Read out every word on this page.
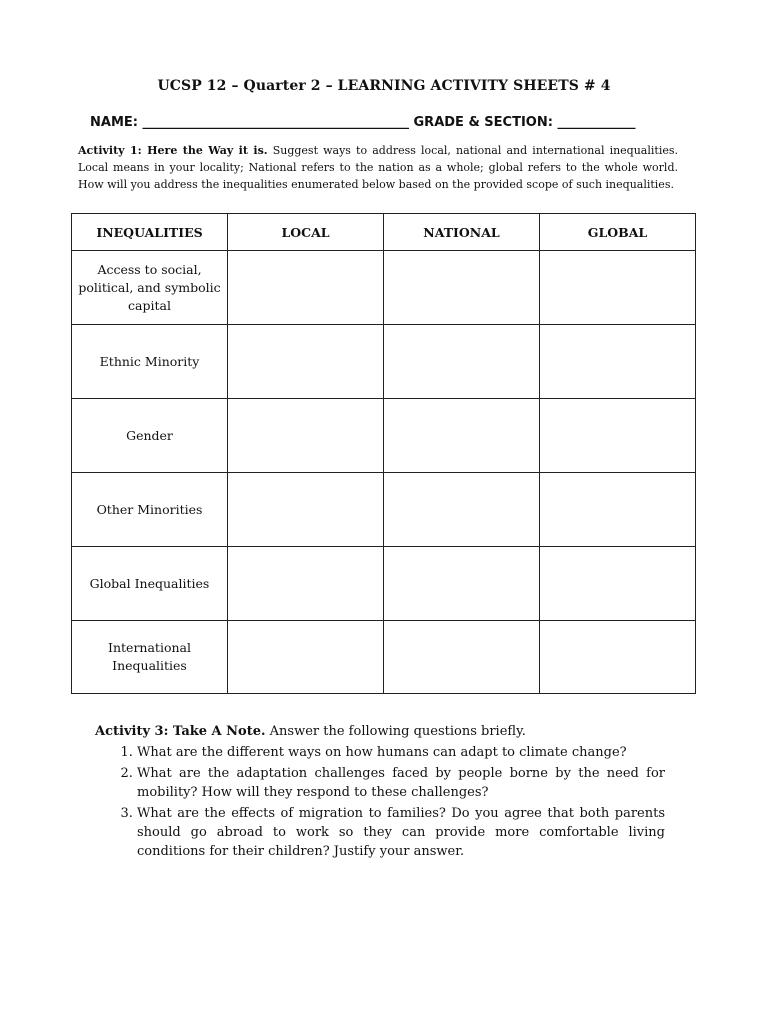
UCSP 12 – Quarter 2 – LEARNING ACTIVITY SHEETS # 4
NAME: _________________________________________ GRADE & SECTION: ____________
Activity 1: Here the Way it is. Suggest ways to address local, national and international inequalities. Local means in your locality; National refers to the nation as a whole; global refers to the whole world. How will you address the inequalities enumerated below based on the provided scope of such inequalities.
INEQUALITIES	LOCAL	NATIONAL	GLOBAL
Access to social, political, and symbolic capital			
Ethnic Minority			
Gender			
Other Minorities			
Global Inequalities			
International Inequalities			
Activity 3: Take A Note. Answer the following questions briefly.
1. What are the different ways on how humans can adapt to climate change?
2. What are the adaptation challenges faced by people borne by the need for mobility? How will they respond to these challenges?
3. What are the effects of migration to families? Do you agree that both parents should go abroad to work so they can provide more comfortable living conditions for their children? Justify your answer.
